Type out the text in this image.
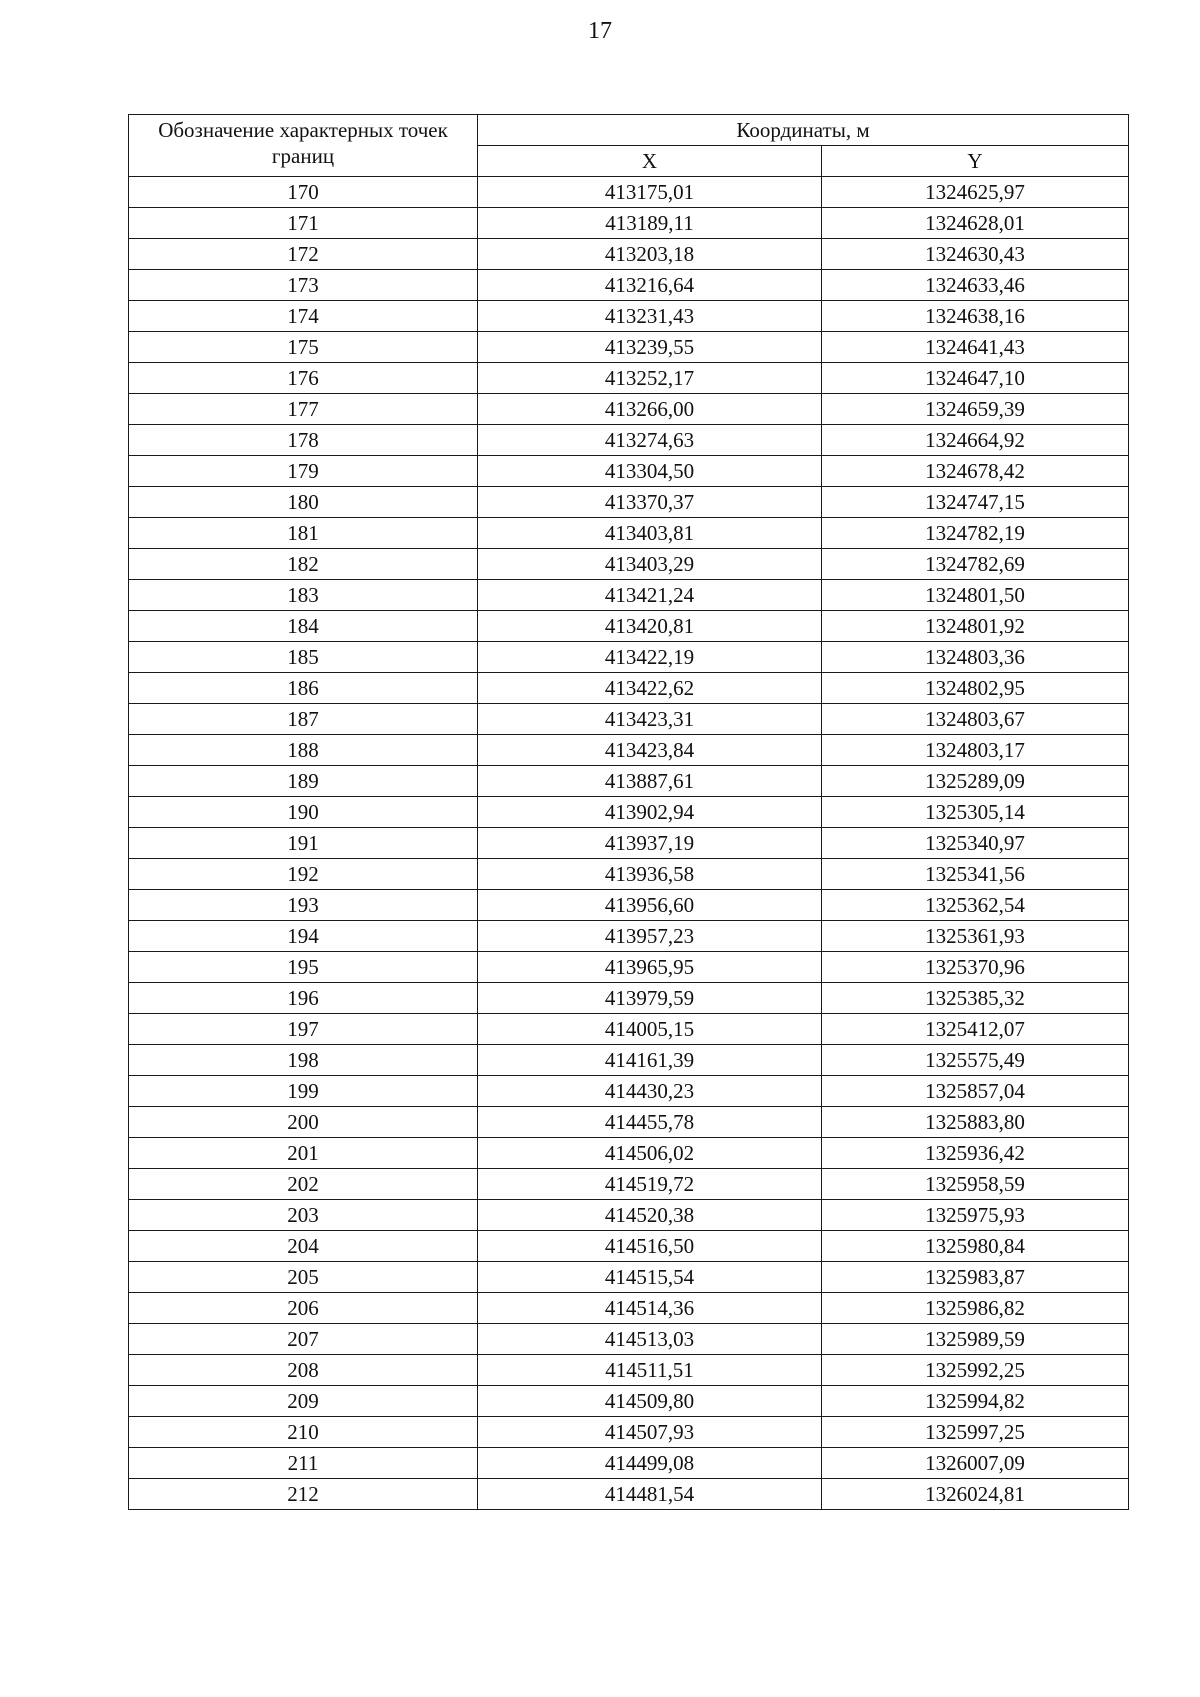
17
Обозначение характерных точек границ	Координаты, м	
	X	Y
170	413175,01	1324625,97
171	413189,11	1324628,01
172	413203,18	1324630,43
173	413216,64	1324633,46
174	413231,43	1324638,16
175	413239,55	1324641,43
176	413252,17	1324647,10
177	413266,00	1324659,39
178	413274,63	1324664,92
179	413304,50	1324678,42
180	413370,37	1324747,15
181	413403,81	1324782,19
182	413403,29	1324782,69
183	413421,24	1324801,50
184	413420,81	1324801,92
185	413422,19	1324803,36
186	413422,62	1324802,95
187	413423,31	1324803,67
188	413423,84	1324803,17
189	413887,61	1325289,09
190	413902,94	1325305,14
191	413937,19	1325340,97
192	413936,58	1325341,56
193	413956,60	1325362,54
194	413957,23	1325361,93
195	413965,95	1325370,96
196	413979,59	1325385,32
197	414005,15	1325412,07
198	414161,39	1325575,49
199	414430,23	1325857,04
200	414455,78	1325883,80
201	414506,02	1325936,42
202	414519,72	1325958,59
203	414520,38	1325975,93
204	414516,50	1325980,84
205	414515,54	1325983,87
206	414514,36	1325986,82
207	414513,03	1325989,59
208	414511,51	1325992,25
209	414509,80	1325994,82
210	414507,93	1325997,25
211	414499,08	1326007,09
212	414481,54	1326024,81
